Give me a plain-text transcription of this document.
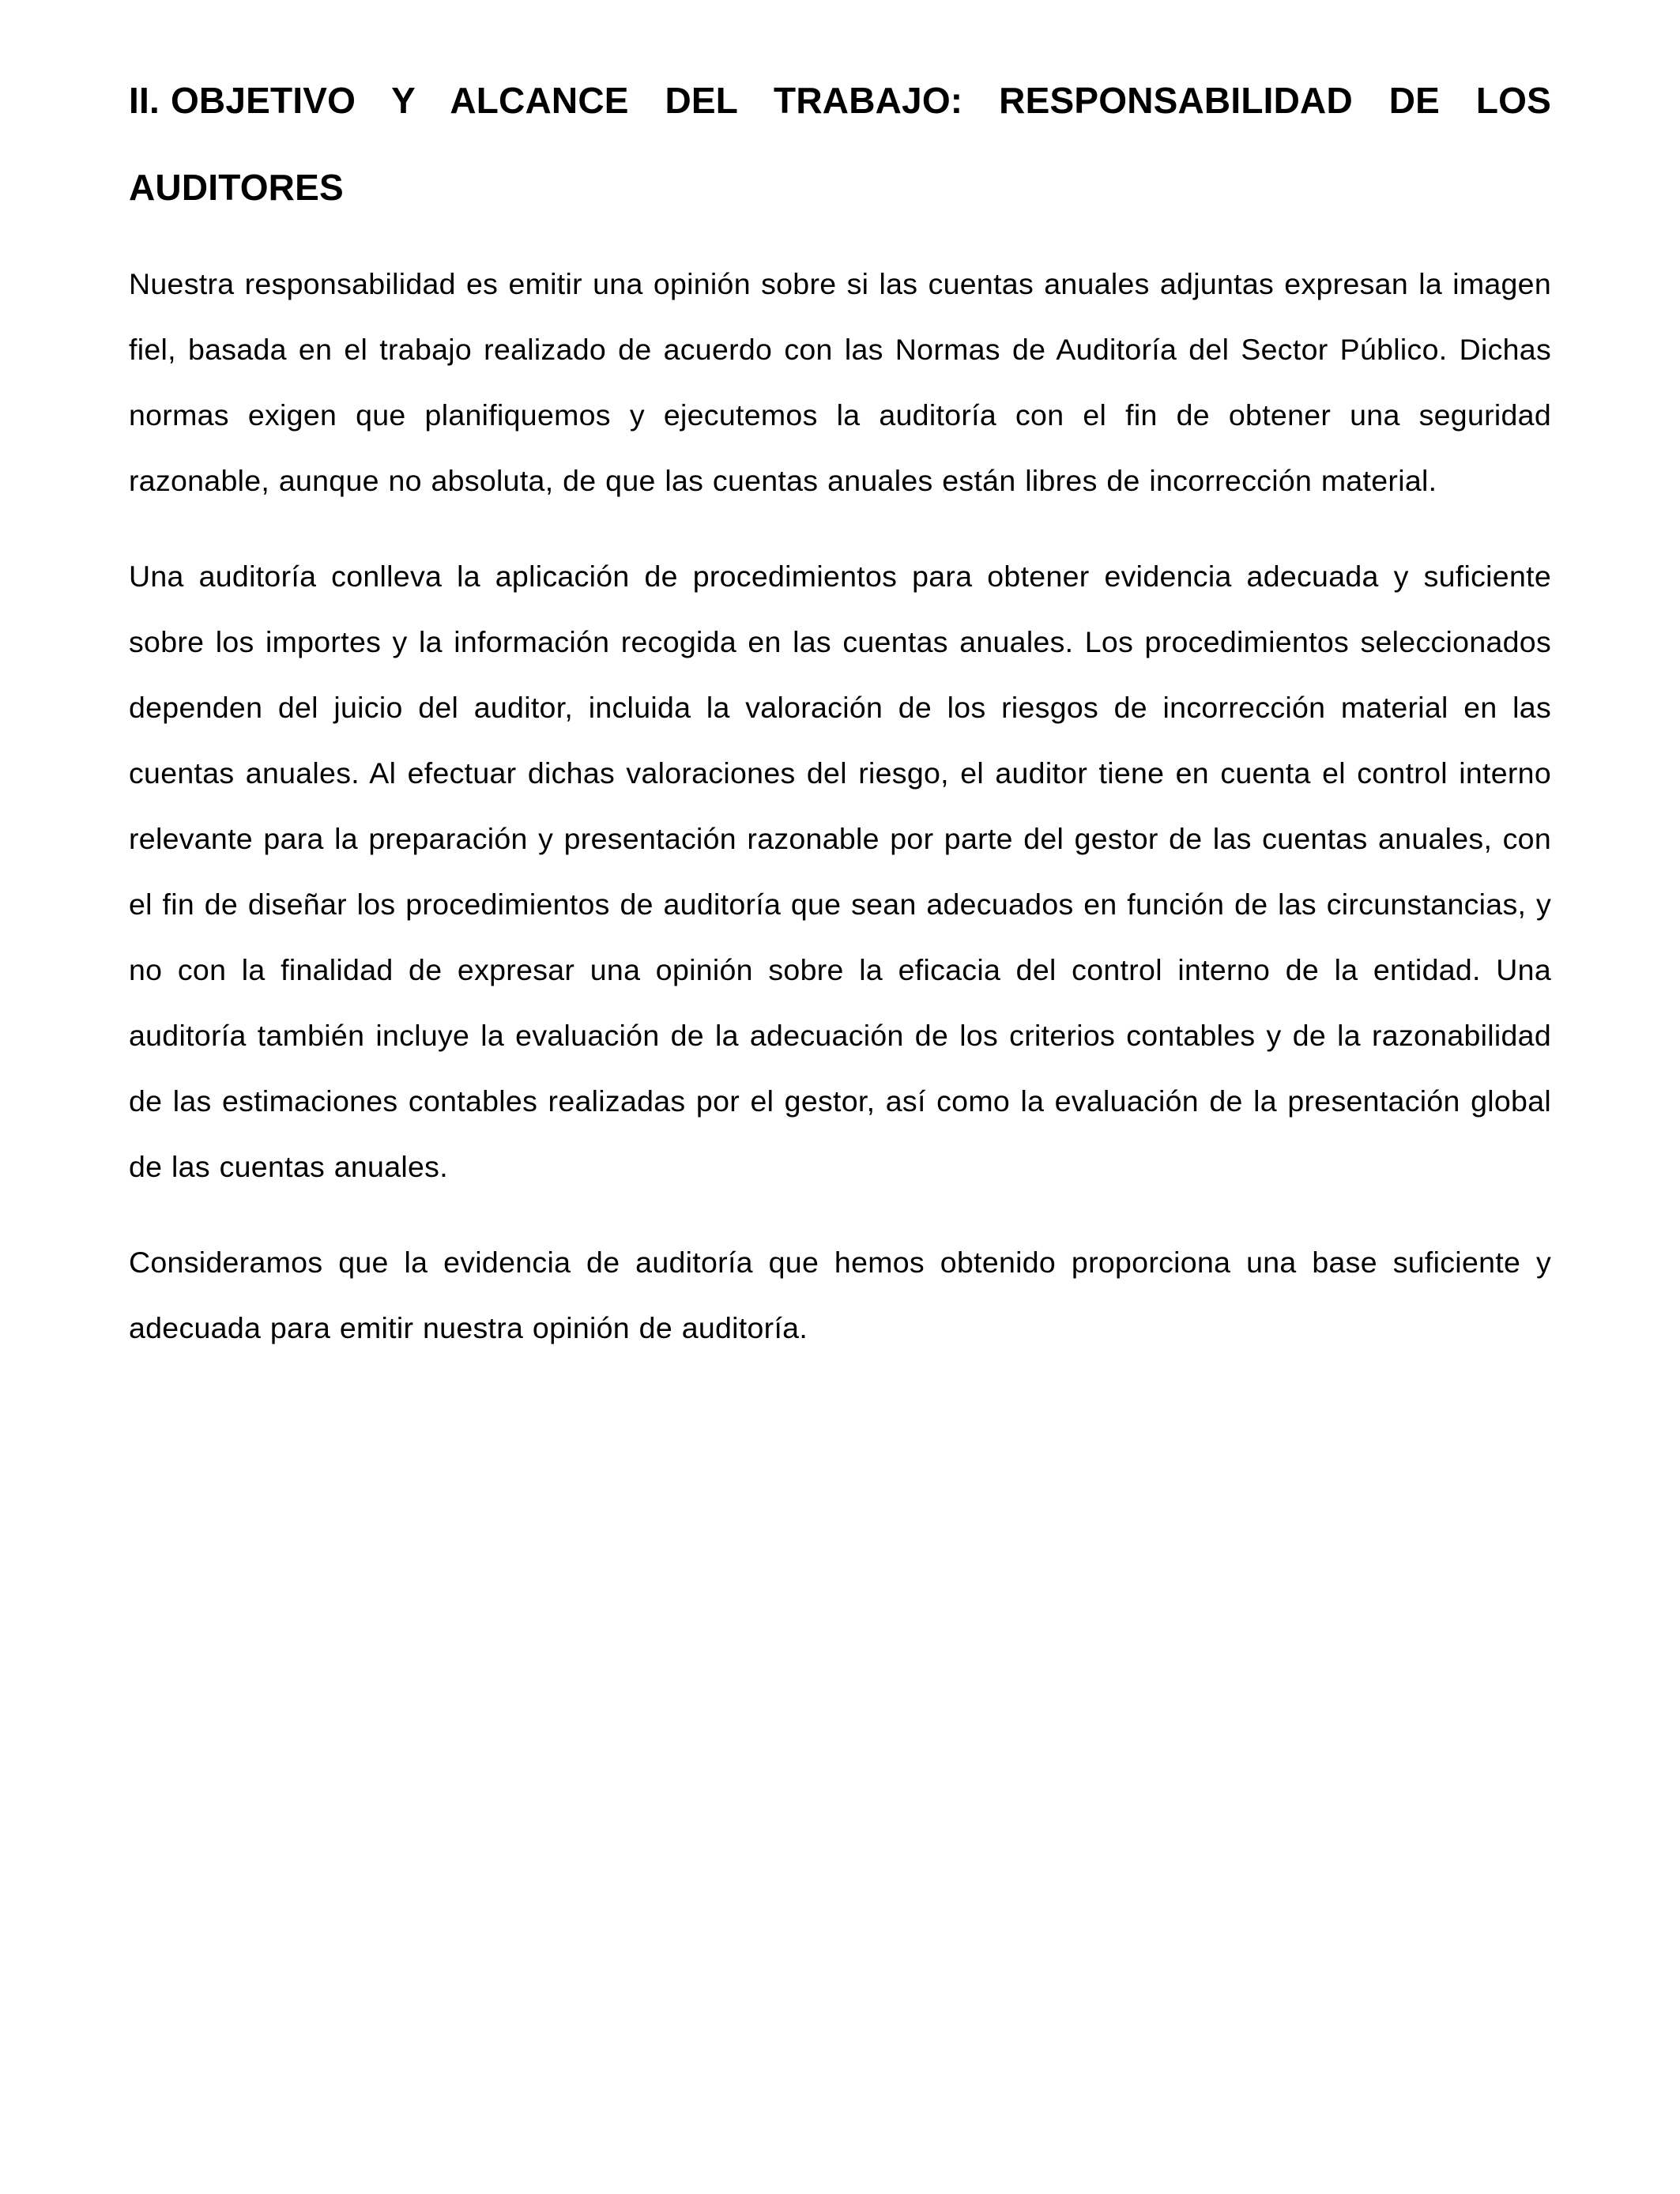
II. OBJETIVO Y ALCANCE DEL TRABAJO: RESPONSABILIDAD DE LOS AUDITORES

Nuestra responsabilidad es emitir una opinión sobre si las cuentas anuales adjuntas expresan la imagen fiel, basada en el trabajo realizado de acuerdo con las Normas de Auditoría del Sector Público. Dichas normas exigen que planifiquemos y ejecutemos la auditoría con el fin de obtener una seguridad razonable, aunque no absoluta, de que las cuentas anuales están libres de incorrección material.

Una auditoría conlleva la aplicación de procedimientos para obtener evidencia adecuada y suficiente sobre los importes y la información recogida en las cuentas anuales. Los procedimientos seleccionados dependen del juicio del auditor, incluida la valoración de los riesgos de incorrección material en las cuentas anuales. Al efectuar dichas valoraciones del riesgo, el auditor tiene en cuenta el control interno relevante para la preparación y presentación razonable por parte del gestor de las cuentas anuales, con el fin de diseñar los procedimientos de auditoría que sean adecuados en función de las circunstancias, y no con la finalidad de expresar una opinión sobre la eficacia del control interno de la entidad. Una auditoría también incluye la evaluación de la adecuación de los criterios contables y de la razonabilidad de las estimaciones contables realizadas por el gestor, así como la evaluación de la presentación global de las cuentas anuales.

Consideramos que la evidencia de auditoría que hemos obtenido proporciona una base suficiente y adecuada para emitir nuestra opinión de auditoría.
